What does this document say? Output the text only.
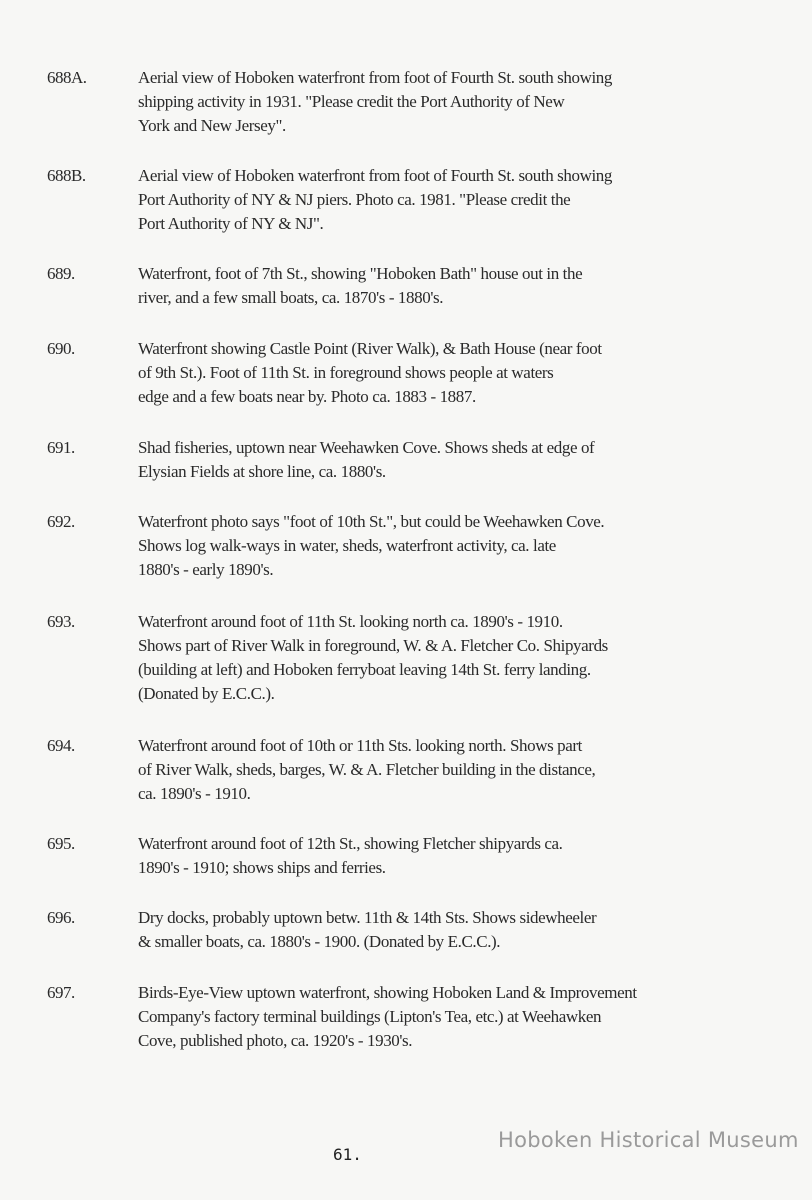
688A.	Aerial view of Hoboken waterfront from foot of Fourth St. south showing
shipping activity in 1931. "Please credit the Port Authority of New
York and New Jersey".
688B.	Aerial view of Hoboken waterfront from foot of Fourth St. south showing
Port Authority of NY & NJ piers. Photo ca. 1981. "Please credit the
Port Authority of NY & NJ".
689.	Waterfront, foot of 7th St., showing "Hoboken Bath" house out in the
river, and a few small boats, ca. 1870's - 1880's.
690.	Waterfront showing Castle Point (River Walk), & Bath House (near foot
of 9th St.). Foot of 11th St. in foreground shows people at waters
edge and a few boats near by. Photo ca. 1883 - 1887.
691.	Shad fisheries, uptown near Weehawken Cove. Shows sheds at edge of
Elysian Fields at shore line, ca. 1880's.
692.	Waterfront photo says "foot of 10th St.", but could be Weehawken Cove.
Shows log walk-ways in water, sheds, waterfront activity, ca. late
1880's - early 1890's.
693.	Waterfront around foot of 11th St. looking north ca. 1890's - 1910.
Shows part of River Walk in foreground, W. & A. Fletcher Co. Shipyards
(building at left) and Hoboken ferryboat leaving 14th St. ferry landing.
(Donated by E.C.C.).
694.	Waterfront around foot of 10th or 11th Sts. looking north. Shows part
of River Walk, sheds, barges, W. & A. Fletcher building in the distance,
ca. 1890's - 1910.
695.	Waterfront around foot of 12th St., showing Fletcher shipyards ca.
1890's - 1910; shows ships and ferries.
696.	Dry docks, probably uptown betw. 11th & 14th Sts. Shows sidewheeler
& smaller boats, ca. 1880's - 1900. (Donated by E.C.C.).
697.	Birds-Eye-View uptown waterfront, showing Hoboken Land & Improvement
Company's factory terminal buildings (Lipton's Tea, etc.) at Weehawken
Cove, published photo, ca. 1920's - 1930's.
61.
Hoboken Historical Museum
